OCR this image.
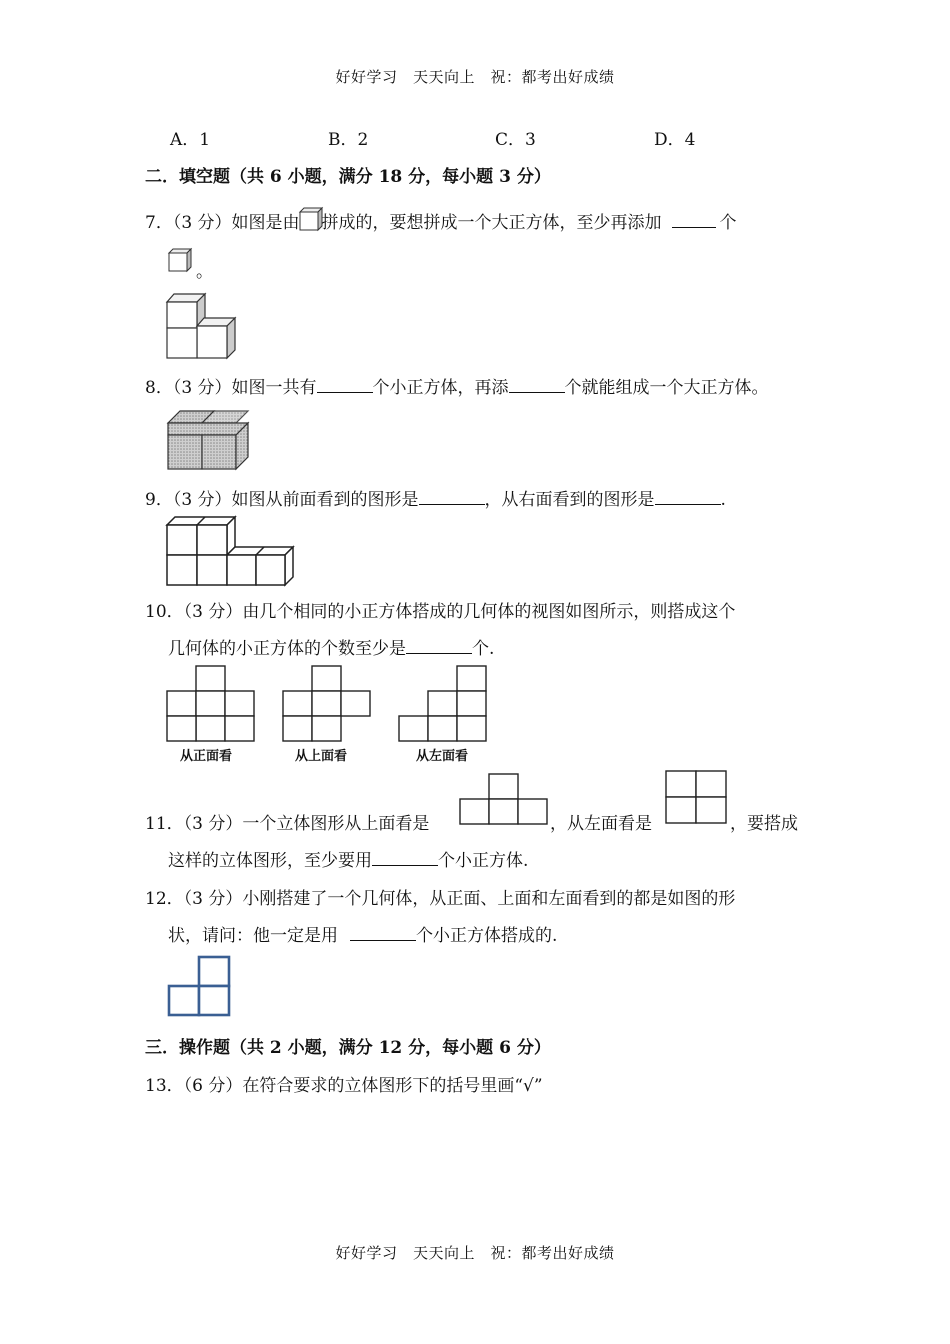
好好学习　天天向上　祝：都考出好成绩
A．1	B．2	C．3	D．4
二．填空题（共 6 小题，满分 18 分，每小题 3 分）
7．（3 分）如图是由 拼成的，要想拼成一个大正方体，至少再添加	个
。
8．（3 分）如图一共有	个小正方体，再添	个就能组成一个大正方体。
9．（3 分）如图从前面看到的图形是	，从右面看到的图形是	.
10．（3 分）由几个相同的小正方体搭成的几何体的视图如图所示，则搭成这个
几何体的小正方体的个数至少是	个.
从正面看	从上面看	从左面看
11．（3 分）一个立体图形从上面看是	，从左面看是	，要搭成
这样的立体图形，至少要用	个小正方体.
12．（3 分）小刚搭建了一个几何体，从正面、上面和左面看到的都是如图的形
状，请问：他一定是用	个小正方体搭成的.
三．操作题（共 2 小题，满分 12 分，每小题 6 分）
13．（6 分）在符合要求的立体图形下的括号里画“√”
好好学习　天天向上　祝：都考出好成绩
